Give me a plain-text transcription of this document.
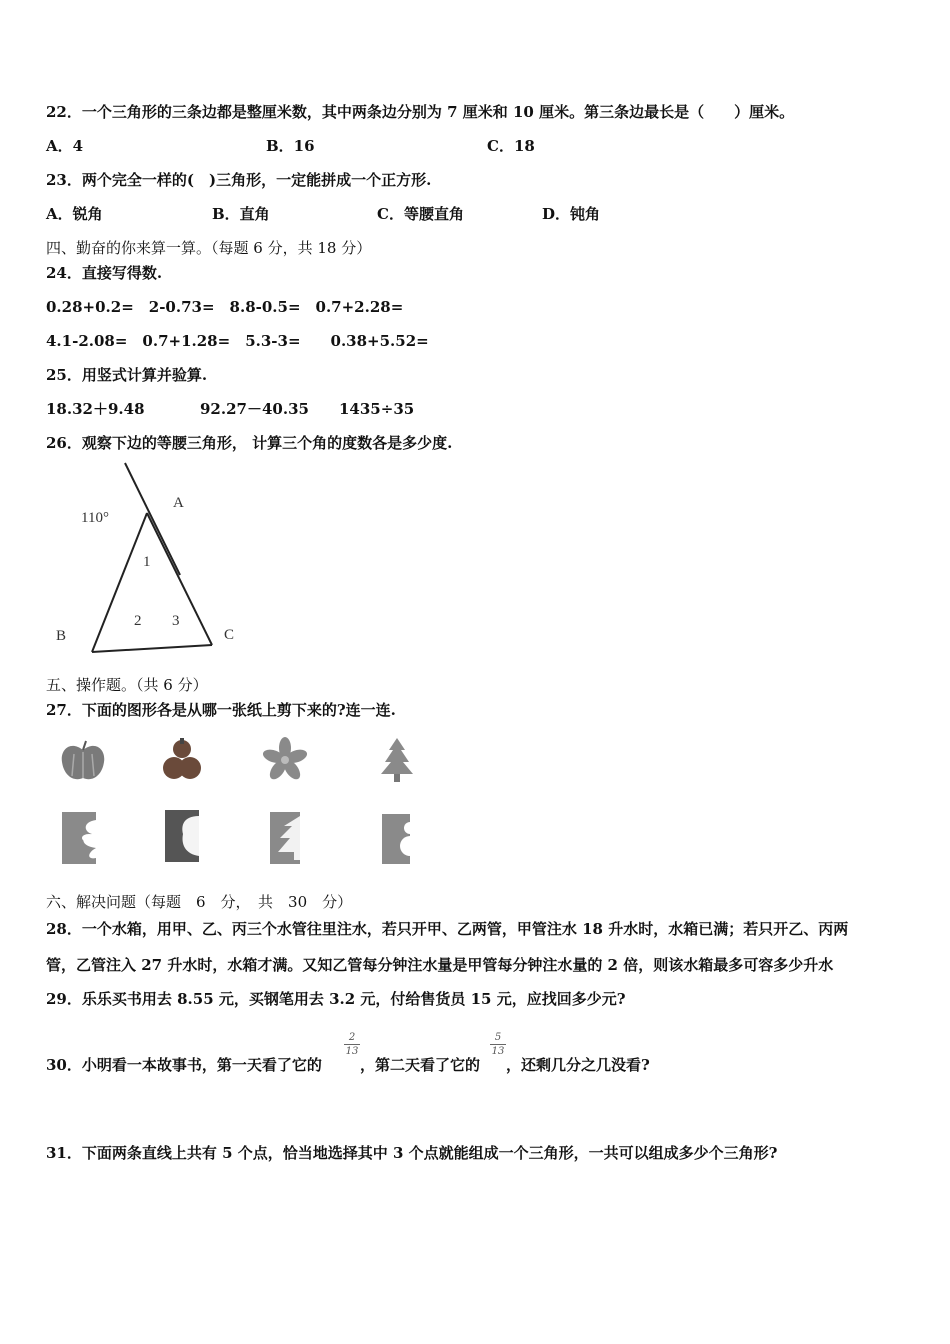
22．一个三角形的三条边都是整厘米数，其中两条边分别为 7 厘米和 10 厘米。第三条边最长是（　　）厘米。
A．4	B．16	C．18
23．两个完全一样的(　)三角形，一定能拼成一个正方形.
A．锐角	B．直角	C．等腰直角	D．钝角
四、勤奋的你来算一算。（每题 6 分，共 18 分）
24．直接写得数.
0.28+0.2=　2-0.73=　8.8-0.5=　0.7+2.28=
4.1-2.08=　0.7+1.28=　5.3-3=　　0.38+5.52=
25．用竖式计算并验算.
18.32＋9.48	92.27－40.35 1435÷35
26．观察下边的等腰三角形， 计算三个角的度数各是多少度.
110°
A
B	C
1
2 3
五、操作题。（共 6 分）
27．下面的图形各是从哪一张纸上剪下来的?连一连.
六、解决问题（每题　6　分，　共　30　分）
28．一个水箱，用甲、乙、丙三个水管往里注水，若只开甲、乙两管，甲管注水 18 升水时，水箱已满；若只开乙、丙两
管，乙管注入 27 升水时，水箱才满。又知乙管每分钟注水量是甲管每分钟注水量的 2 倍，则该水箱最多可容多少升水
29．乐乐买书用去 8.55 元，买钢笔用去 3.2 元，付给售货员 15 元，应找回多少元?
30．小明看一本故事书，第一天看了它的
2
13
，第二天看了它的
5
13
，还剩几分之几没看?
31．下面两条直线上共有 5 个点，恰当地选择其中 3 个点就能组成一个三角形，一共可以组成多少个三角形?
